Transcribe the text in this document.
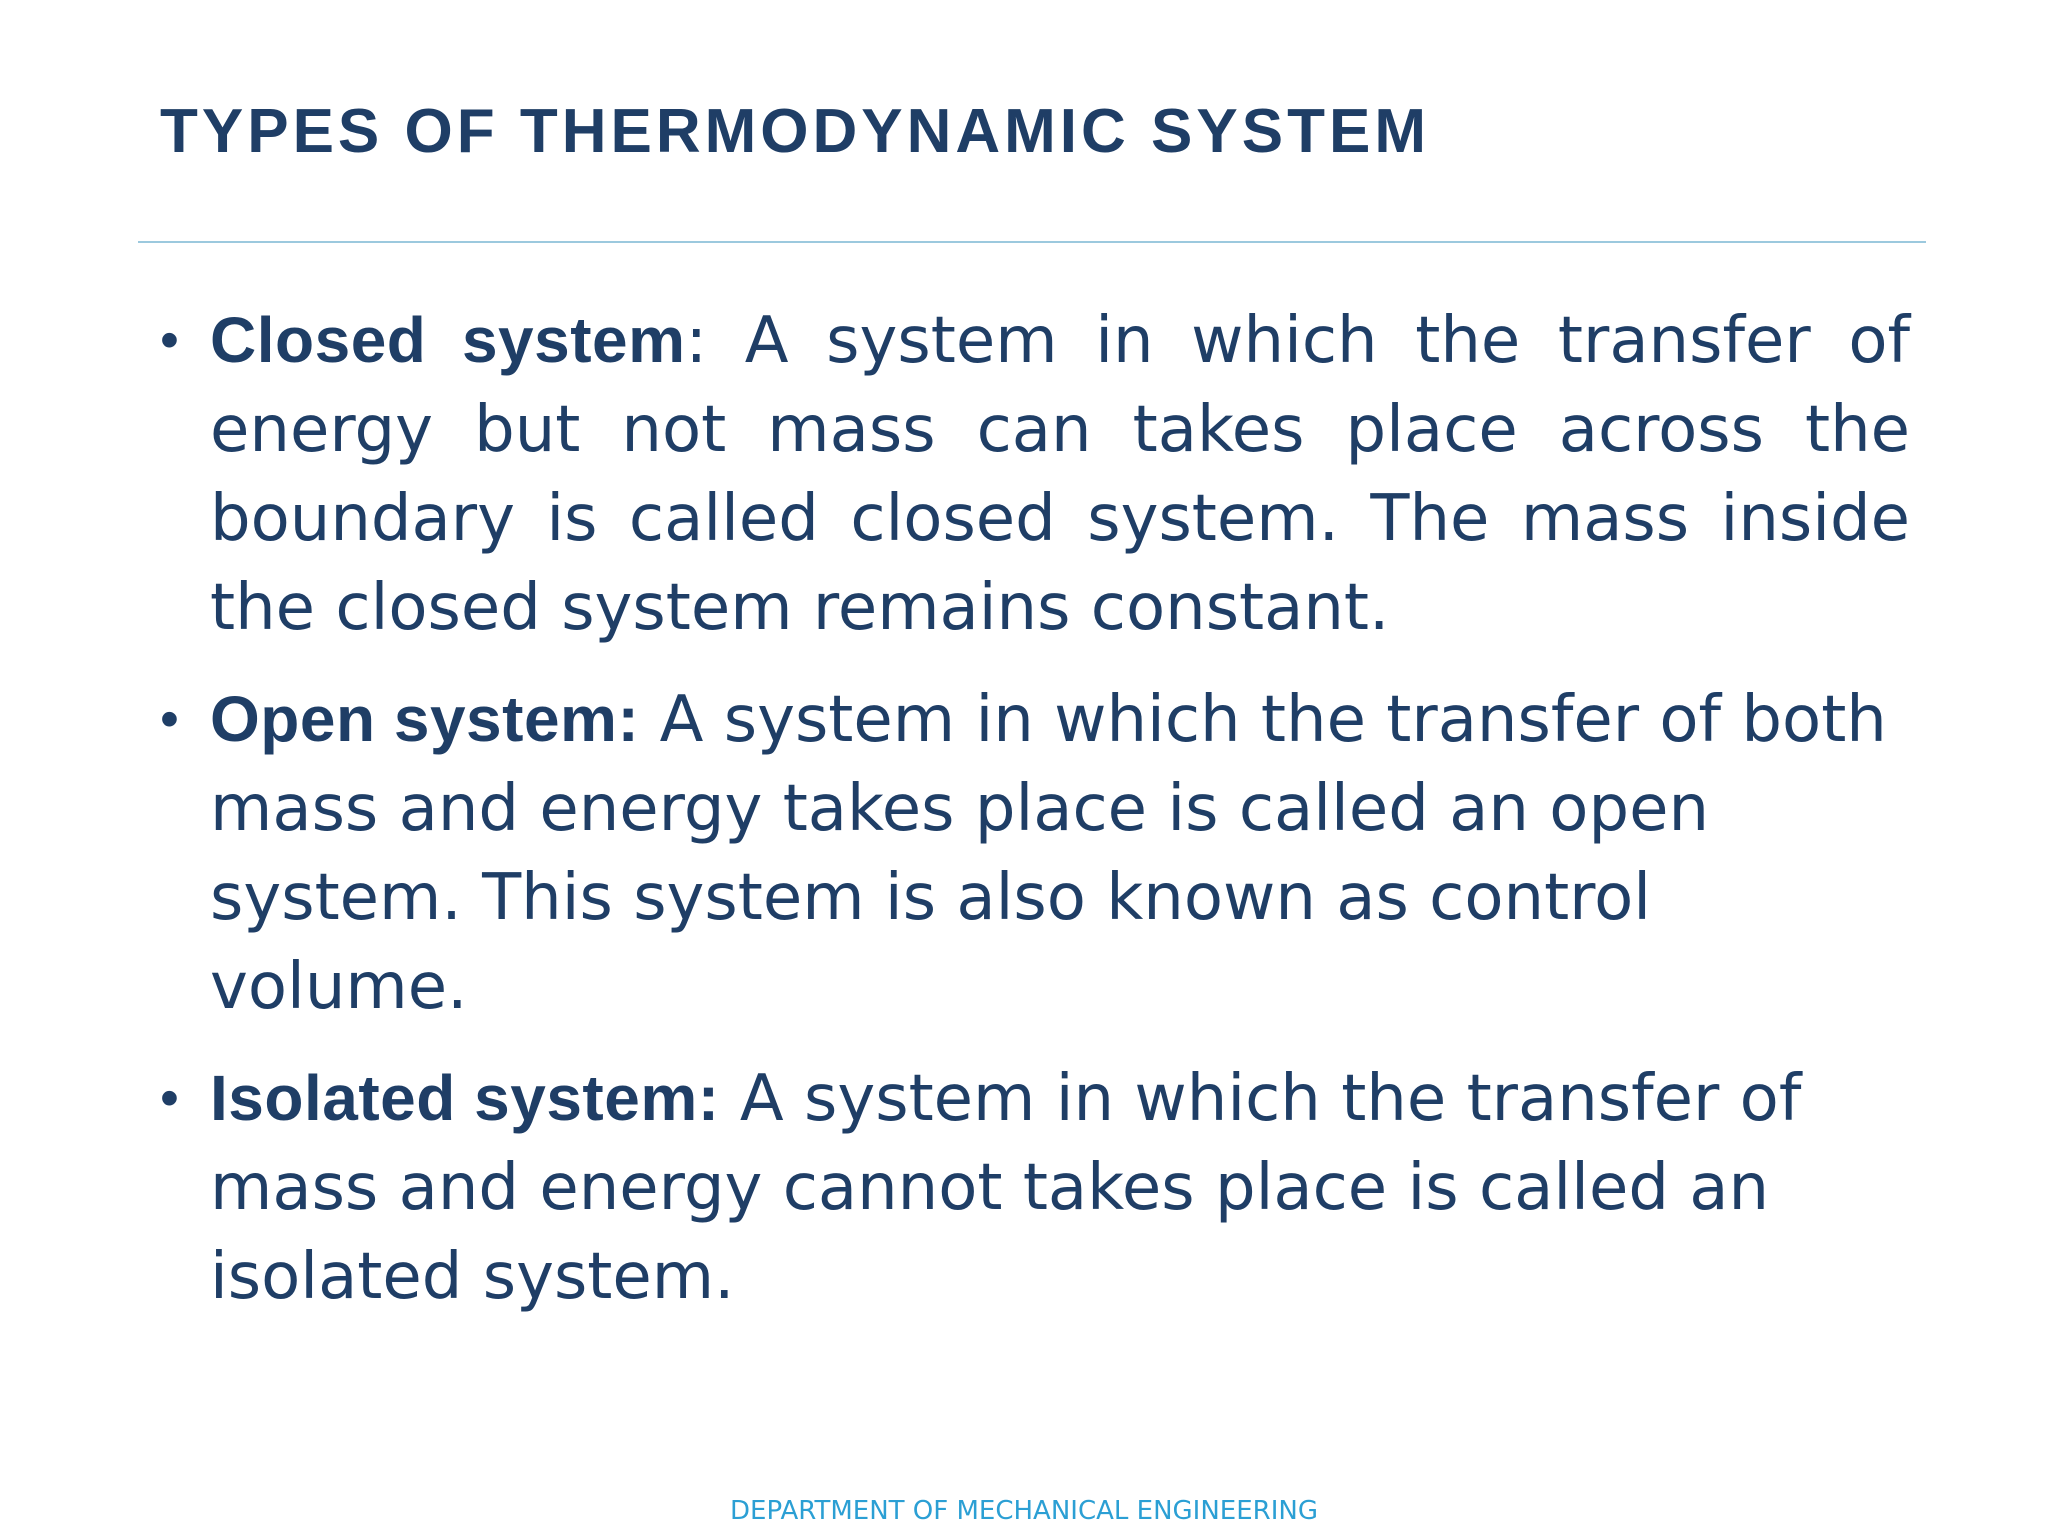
TYPES OF THERMODYNAMIC SYSTEM
• Closed system: A system in which the transfer of energy but not mass can takes place across the boundary is called closed system. The mass inside the closed system remains constant.
• Open system: A system in which the transfer of both mass and energy takes place is called an open system. This system is also known as control volume.
• Isolated system: A system in which the transfer of mass and energy cannot takes place is called an isolated system.
DEPARTMENT OF MECHANICAL ENGINEERING
